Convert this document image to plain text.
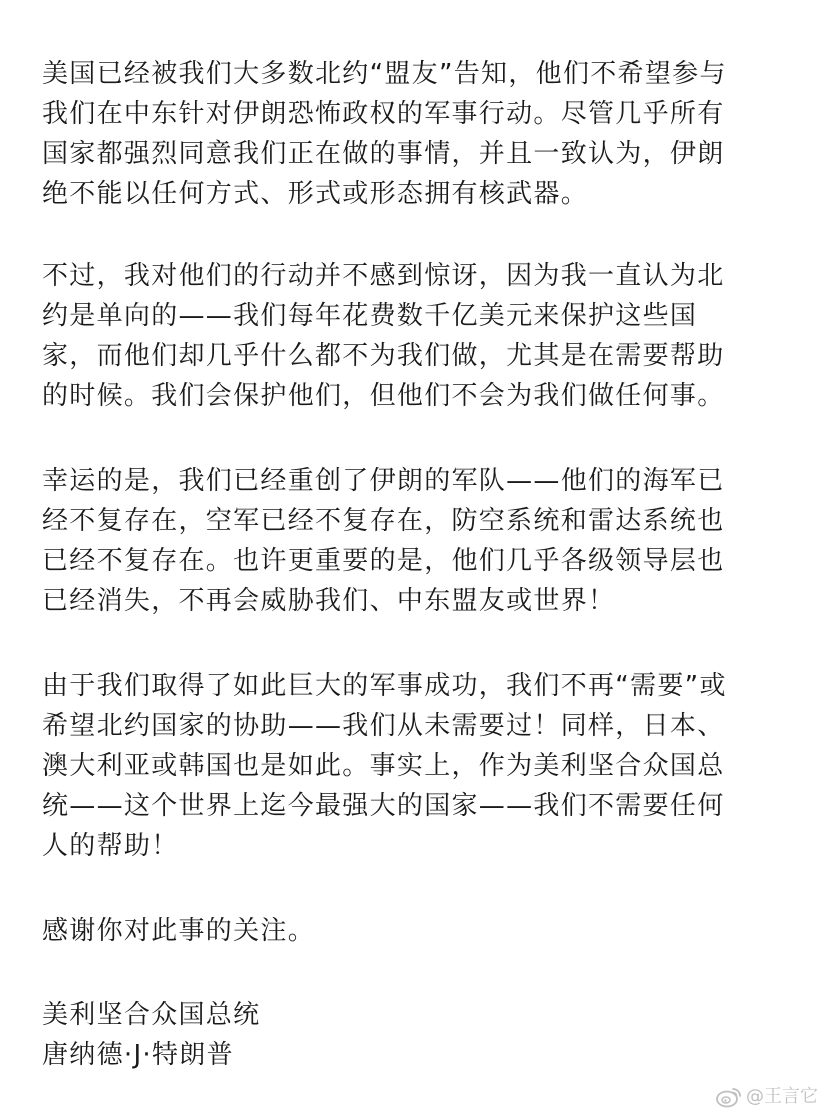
美国已经被我们大多数北约“盟友”告知，他们不希望参与

我们在中东针对伊朗恐怖政权的军事行动。尽管几乎所有

国家都强烈同意我们正在做的事情，并且一致认为，伊朗

绝不能以任何方式、形式或形态拥有核武器。

不过，我对他们的行动并不感到惊讶，因为我一直认为北

约是单向的——我们每年花费数千亿美元来保护这些国

家，而他们却几乎什么都不为我们做，尤其是在需要帮助

的时候。我们会保护他们，但他们不会为我们做任何事。

幸运的是，我们已经重创了伊朗的军队——他们的海军已

经不复存在，空军已经不复存在，防空系统和雷达系统也

已经不复存在。也许更重要的是，他们几乎各级领导层也

已经消失，不再会威胁我们、中东盟友或世界！

由于我们取得了如此巨大的军事成功，我们不再“需要”或

希望北约国家的协助——我们从未需要过！同样，日本、

澳大利亚或韩国也是如此。事实上，作为美利坚合众国总

统——这个世界上迄今最强大的国家——我们不需要任何

人的帮助！

感谢你对此事的关注。

美利坚合众国总统

唐纳德·J·特朗普

@王言它
